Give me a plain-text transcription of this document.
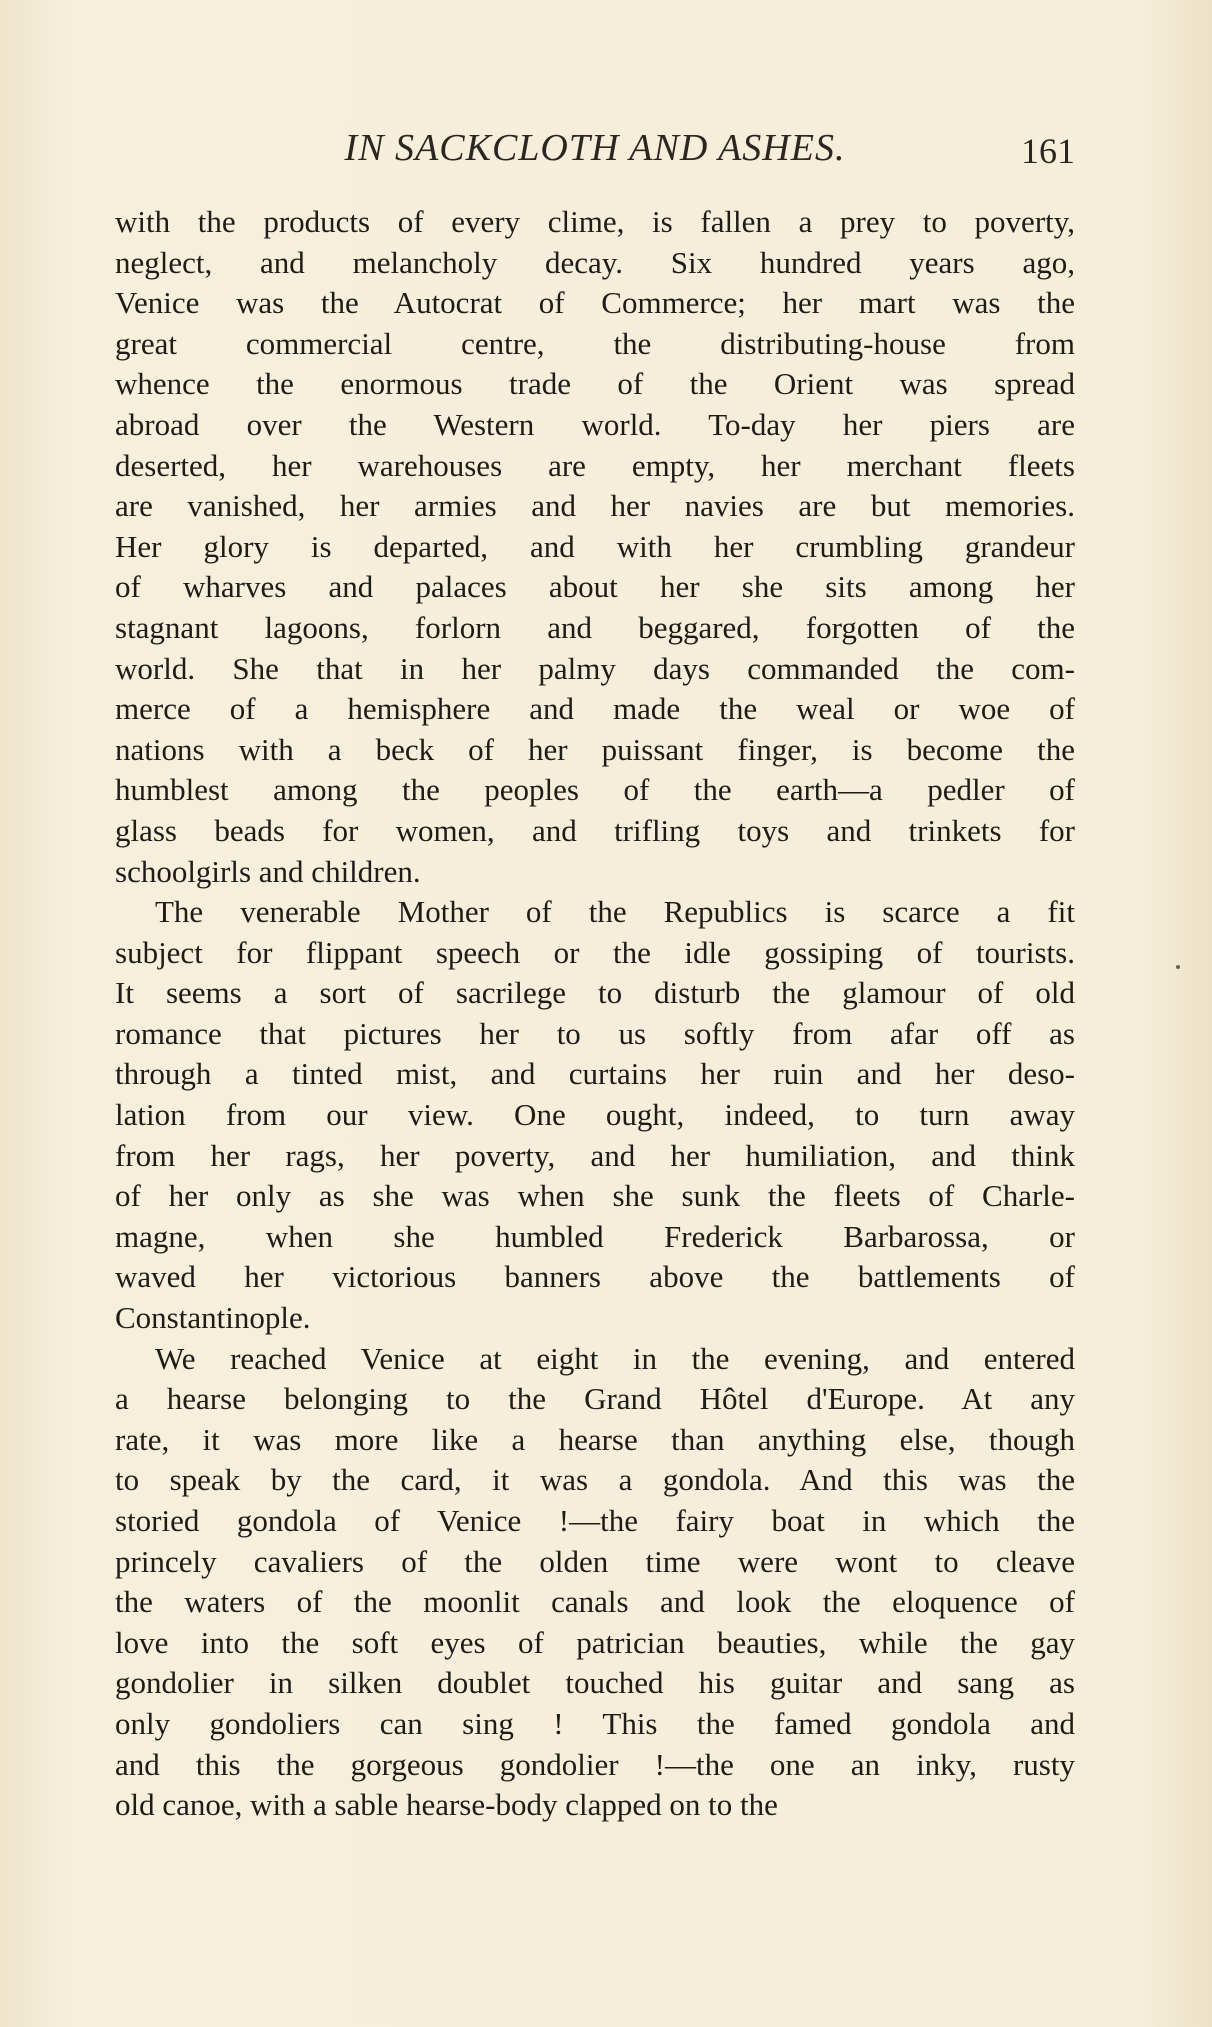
IN SACKCLOTH AND ASHES.	161
with the products of every clime, is fallen a prey to poverty,
neglect, and melancholy decay. Six hundred years ago,
Venice was the Autocrat of Commerce; her mart was the
great commercial centre, the distributing-house from
whence the enormous trade of the Orient was spread
abroad over the Western world. To-day her piers are
deserted, her warehouses are empty, her merchant fleets
are vanished, her armies and her navies are but memories.
Her glory is departed, and with her crumbling grandeur
of wharves and palaces about her she sits among her
stagnant lagoons, forlorn and beggared, forgotten of the
world. She that in her palmy days commanded the com-
merce of a hemisphere and made the weal or woe of
nations with a beck of her puissant finger, is become the
humblest among the peoples of the earth—a pedler of
glass beads for women, and trifling toys and trinkets for
schoolgirls and children.
The venerable Mother of the Republics is scarce a fit
subject for flippant speech or the idle gossiping of tourists.
It seems a sort of sacrilege to disturb the glamour of old
romance that pictures her to us softly from afar off as
through a tinted mist, and curtains her ruin and her deso-
lation from our view. One ought, indeed, to turn away
from her rags, her poverty, and her humiliation, and think
of her only as she was when she sunk the fleets of Charle-
magne, when she humbled Frederick Barbarossa, or
waved her victorious banners above the battlements of
Constantinople.
We reached Venice at eight in the evening, and entered
a hearse belonging to the Grand Hôtel d'Europe. At any
rate, it was more like a hearse than anything else, though
to speak by the card, it was a gondola. And this was the
storied gondola of Venice !—the fairy boat in which the
princely cavaliers of the olden time were wont to cleave
the waters of the moonlit canals and look the eloquence of
love into the soft eyes of patrician beauties, while the gay
gondolier in silken doublet touched his guitar and sang as
only gondoliers can sing ! This the famed gondola and
and this the gorgeous gondolier !—the one an inky, rusty
old canoe, with a sable hearse-body clapped on to the
